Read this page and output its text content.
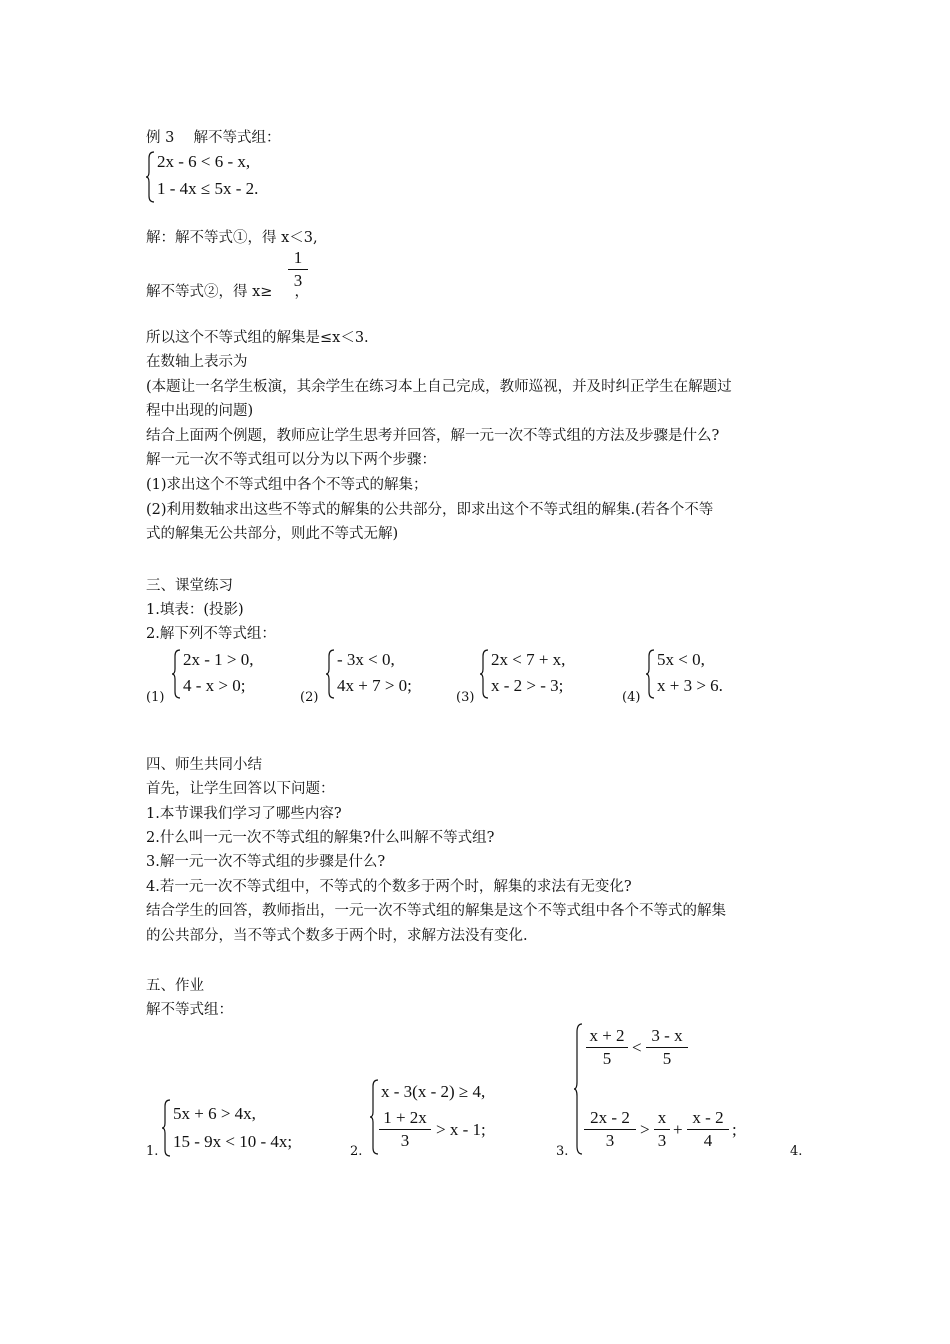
例 3　 解不等式组：
2x - 6 < 6 - x,
1 - 4x ≤ 5x - 2.
解：解不等式①，得 x＜3,
解不等式②，得 x≥ ，
1
3
所以这个不等式组的解集是≤x＜3.
在数轴上表示为
(本题让一名学生板演，其余学生在练习本上自己完成，教师巡视，并及时纠正学生在解题过
程中出现的问题)
结合上面两个例题，教师应让学生思考并回答，解一元一次不等式组的方法及步骤是什么?
解一元一次不等式组可以分为以下两个步骤：
(1)求出这个不等式组中各个不等式的解集；
(2)利用数轴求出这些不等式的解集的公共部分，即求出这个不等式组的解集.(若各个不等
式的解集无公共部分，则此不等式无解)
三、课堂练习
1.填表：(投影)
2.解下列不等式组：
(1)
2x - 1 > 0,
4 - x > 0;
(2)
- 3x < 0,
4x + 7 > 0;
(3)
2x < 7 + x,
x - 2 > - 3;
(4)
5x < 0,
x + 3 > 6.
四、师生共同小结
首先，让学生回答以下问题：
1.本节课我们学习了哪些内容?
2.什么叫一元一次不等式组的解集?什么叫解不等式组?
3.解一元一次不等式组的步骤是什么?
4.若一元一次不等式组中，不等式的个数多于两个时，解集的求法有无变化?
结合学生的回答，教师指出，一元一次不等式组的解集是这个不等式组中各个不等式的解集
的公共部分，当不等式个数多于两个时，求解方法没有变化.
五、作业
解不等式组：
1.
5x + 6 > 4x,
15 - 9x < 10 - 4x;
2.
x - 3(x - 2) ≥ 4,
1 + 2x
3
> x - 1;
3.
x + 2
5
<
3 - x
5
2x - 2
3
>
x
3
+
x - 2
4
;
4.
